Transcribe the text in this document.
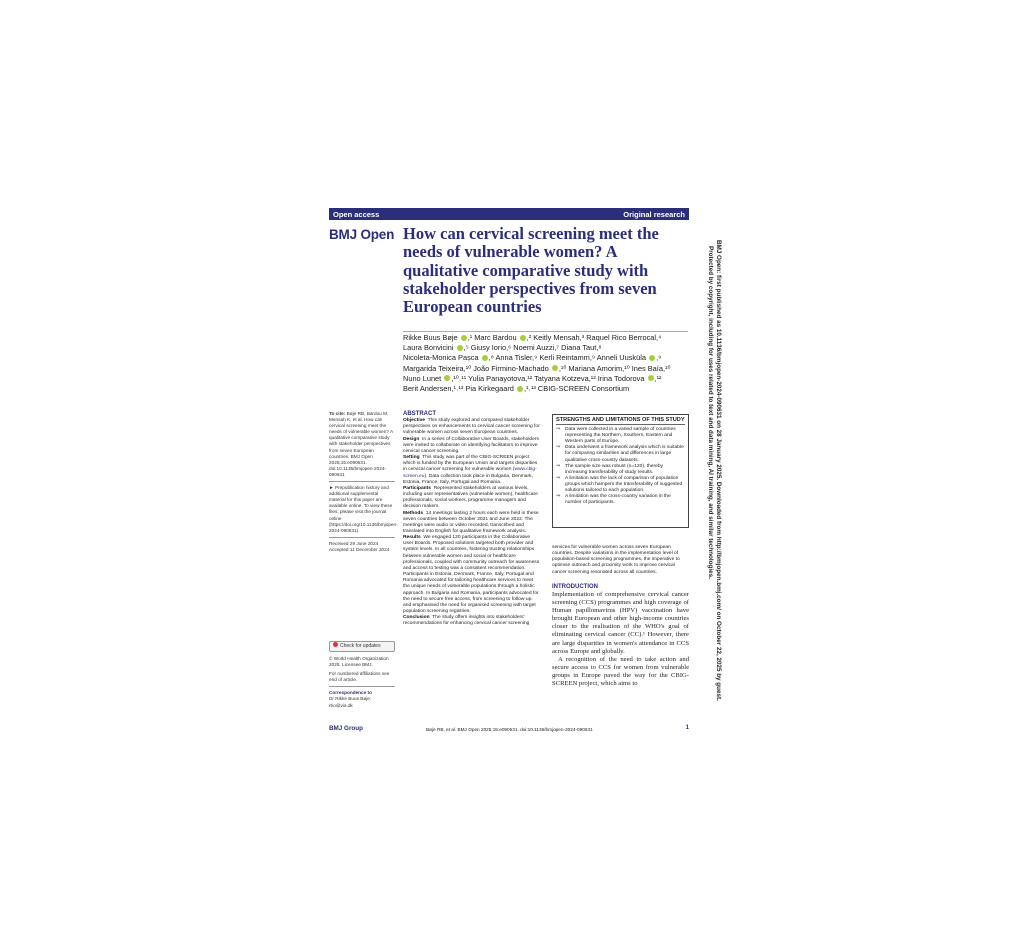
Open access	Original research
BMJ Open How can cervical screening meet the needs of vulnerable women? A qualitative comparative study with stakeholder perspectives from seven European countries

Rikke Buus Bøje ,¹ Marc Bardou ,² Keitly Mensah,³ Raquel Rico Berrocal,⁴

Laura Bonvicini ,⁵ Giusy Iorio,⁶ Noemi Auzzi,⁷ Diana Taut,⁸

Nicoleta-Monica Pașca ,⁸ Anna Tisler,⁹ Kerli Reintamm,⁹ Anneli Uusküla ,⁹

Margarida Teixeira,¹⁰ João Firmino-Machado ,¹⁰ Mariana Amorim,¹⁰ Ines Baía,¹⁰

Nuno Lunet ,¹⁰˒¹¹ Yulia Panayotova,¹² Tatyana Kotzeva,¹² Irina Todorova ,¹²

Berit Andersen,¹˒¹³ Pia Kirkegaard ,¹˒¹³ CBIG-SCREEN Consortium

To cite: Bøje RB, Bardou M, Mensah K, et al. How can cervical screening meet the needs of vulnerable women? A qualitative comparative study with stakeholder perspectives from seven European countries. BMJ Open 2025;15:e090631. doi:10.1136/bmjopen-2024-090631

► Prepublication history and additional supplemental material for this paper are available online. To view these files, please visit the journal online (https://doi.org/10.1136/bmjopen-2024-090631).

Received 29 June 2024

Accepted 11 December 2024

Check for updates

© World Health Organization 2025. Licensee BMJ.

For numbered affiliations see end of article.

Correspondence to

Dr Rikke Buus Bøje; rbo@via.dk

ABSTRACT

Objective This study explored and compared stakeholder perspectives on enhancements to cervical cancer screening for vulnerable women across seven European countries.

Design In a series of Collaborative User Boards, stakeholders were invited to collaborate on identifying facilitators to improve cervical cancer screening.

Setting This study was part of the CBIG-SCREEN project which is funded by the European Union and targets disparities in cervical cancer screening for vulnerable women (www.cbig-screen.eu). Data collection took place in Bulgaria, Denmark, Estonia, France, Italy, Portugal and Romania.

Participants Represented stakeholders at various levels, including user representatives (vulnerable women), healthcare professionals, social workers, programme managers and decision makers.

Methods 14 meetings lasting 2 hours each were held in these seven countries between October 2021 and June 2022. The meetings were audio or video recorded, transcribed and translated into English for qualitative framework analysis.

Results We engaged 120 participants in the Collaborative User Boards. Proposed solutions targeted both provider and system levels. In all countries, fostering trusting relationships between vulnerable women and social or healthcare professionals, coupled with community outreach for awareness and access to testing was a consistent recommendation. Participants in Estonia, Denmark, France, Italy, Portugal and Romania advocated for tailoring healthcare services to meet the unique needs of vulnerable populations through a holistic approach. In Bulgaria and Romania, participants advocated for the need to secure free access, from screening to follow-up, and emphasised the need for organised screening with target population screening registries.

Conclusion The study offers insights into stakeholders' recommendations for enhancing cervical cancer screening

STRENGTHS AND LIMITATIONS OF THIS STUDY
⇒ Data were collected in a varied sample of countries representing the Northern, Southern, Eastern and Western parts of Europe.
⇒ Data underwent a framework analysis which is suitable for comparing similarities and differences in large qualitative cross-country datasets.
⇒ The sample size was robust (n=120), thereby increasing transferability of study results.
⇒ A limitation was the lack of comparison of population groups which hampers the transferability of suggested solutions tailored to each population.
⇒ A limitation was the cross-country variation in the number of participants.

services for vulnerable women across seven European countries. Despite variations in the implementation level of population-based screening programmes, the imperative to optimise outreach and proximity work to improve cervical cancer screening resonated across all countries.

INTRODUCTION

Implementation of comprehensive cervical cancer screening (CCS) programmes and high coverage of Human papillomavirus (HPV) vaccination have brought European and other high-income countries closer to the realisation of the WHO's goal of eliminating cervical cancer (CC).¹ However, there are large disparities in women's attendance in CCS across Europe and globally.

A recognition of the need to take action and secure access to CCS for women from vulnerable groups in Europe paved the way for the CBIG-SCREEN project, which aims to

BMJ Group	Bøje RB, et al. BMJ Open 2025;15:e090631. doi:10.1136/bmjopen-2024-090631	1

BMJ Open: first published as 10.1136/bmjopen-2024-090631 on 28 January 2025. Downloaded from http://bmjopen.bmj.com/ on October 22, 2025 by guest.

Protected by copyright, including for uses related to text and data mining, AI training, and similar technologies.
